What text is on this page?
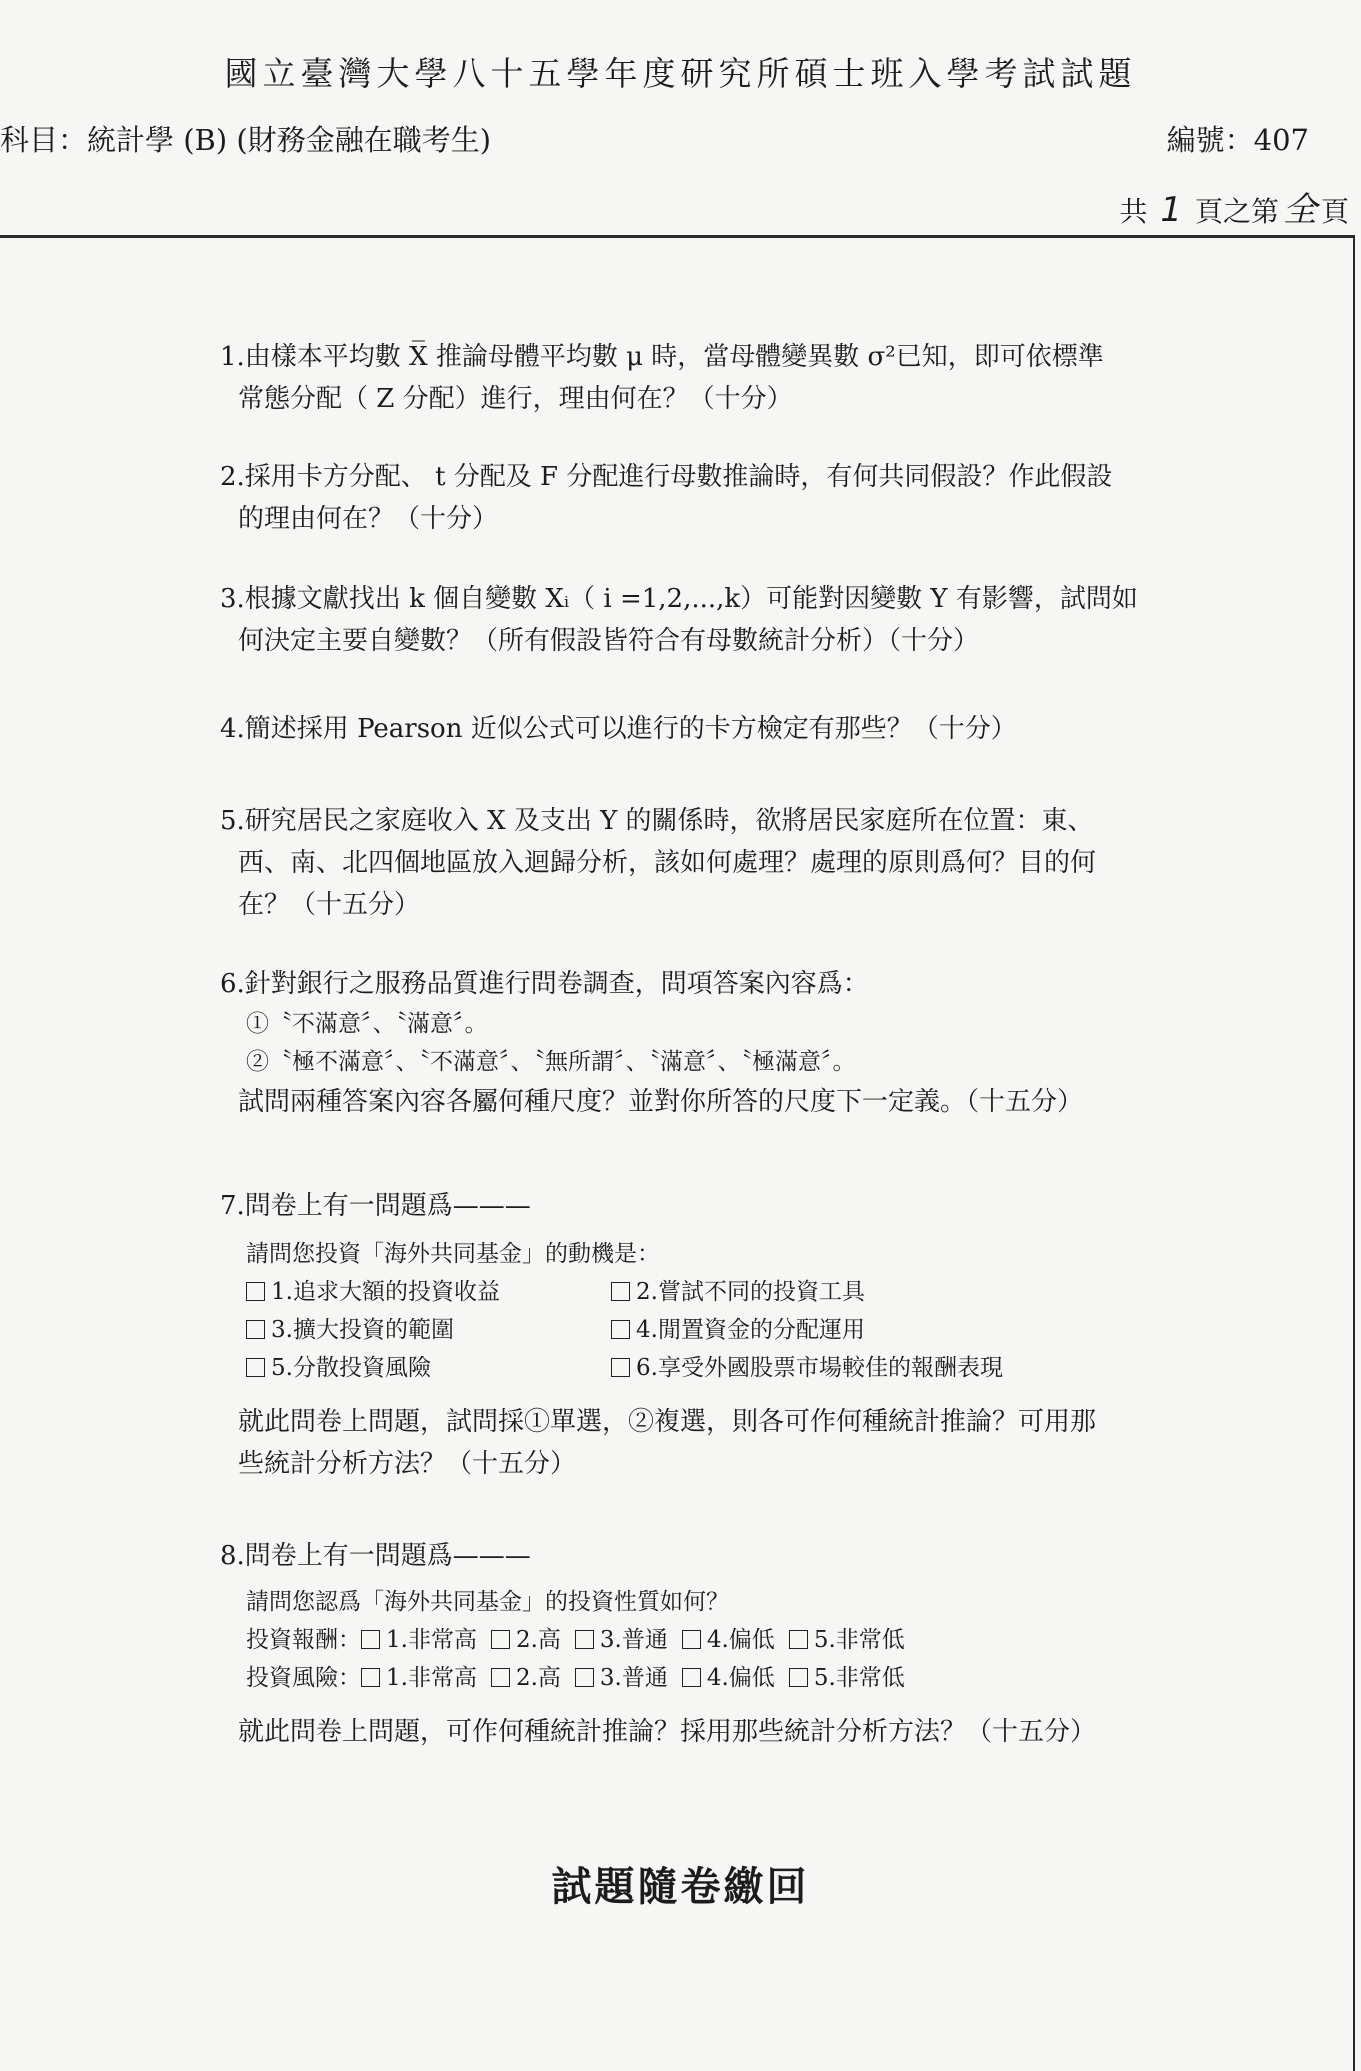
國立臺灣大學八十五學年度研究所碩士班入學考試試題
科目：統計學 (B) (財務金融在職考生)	編號：407
共 1 頁之第 全 頁

1.由樣本平均數 X̅ 推論母體平均數 μ 時，當母體變異數 σ²已知，即可依標準

常態分配（ Z 分配）進行，理由何在？（十分）

2.採用卡方分配、 t 分配及 F 分配進行母數推論時，有何共同假設？作此假設

的理由何在？（十分）

3.根據文獻找出 k 個自變數 Xᵢ（ i =1,2,...,k）可能對因變數 Y 有影響，試問如

何決定主要自變數？（所有假設皆符合有母數統計分析）（十分）

4.簡述採用 Pearson 近似公式可以進行的卡方檢定有那些？（十分）

5.研究居民之家庭收入 X 及支出 Y 的關係時，欲將居民家庭所在位置：東、

西、南、北四個地區放入迴歸分析，該如何處理？處理的原則爲何？目的何

在？（十五分）

6.針對銀行之服務品質進行問卷調查，問項答案內容爲：

①〝不滿意〞、〝滿意〞。

②〝極不滿意〞、〝不滿意〞、〝無所謂〞、〝滿意〞、〝極滿意〞。

試問兩種答案內容各屬何種尺度？並對你所答的尺度下一定義。（十五分）

7.問卷上有一問題爲———

請問您投資「海外共同基金」的動機是：

1.追求大額的投資收益	2.嘗試不同的投資工具
3.擴大投資的範圍	4.閒置資金的分配運用
5.分散投資風險	6.享受外國股票市場較佳的報酬表現

就此問卷上問題，試問採①單選，②複選，則各可作何種統計推論？可用那

些統計分析方法？（十五分）

8.問卷上有一問題爲———

請問您認爲「海外共同基金」的投資性質如何？

投資報酬： 1.非常高 2.高 3.普通 4.偏低 5.非常低
投資風險： 1.非常高 2.高 3.普通 4.偏低 5.非常低

就此問卷上問題，可作何種統計推論？採用那些統計分析方法？（十五分）

試題隨卷繳回
